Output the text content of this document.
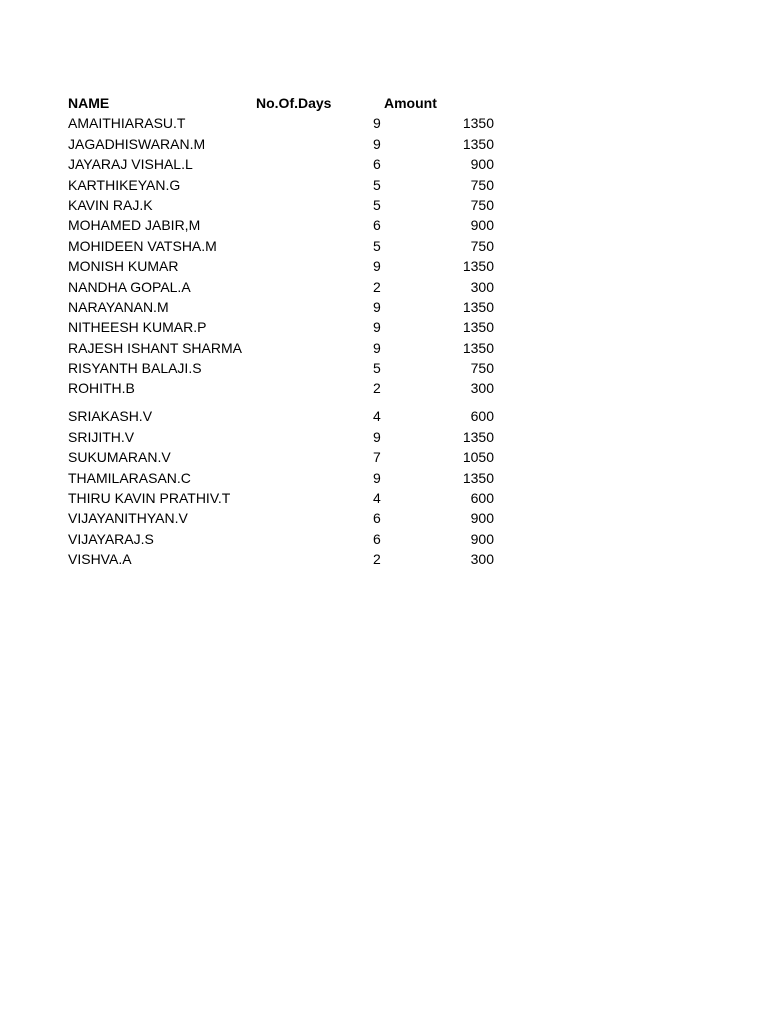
NAME	No.Of.Days	Amount
AMAITHIARASU.T	9	1350
JAGADHISWARAN.M	9	1350
JAYARAJ VISHAL.L	6	900
KARTHIKEYAN.G	5	750
KAVIN RAJ.K	5	750
MOHAMED JABIR,M	6	900
MOHIDEEN VATSHA.M	5	750
MONISH KUMAR	9	1350
NANDHA GOPAL.A	2	300
NARAYANAN.M	9	1350
NITHEESH KUMAR.P	9	1350
RAJESH ISHANT SHARMA	9	1350
RISYANTH BALAJI.S	5	750
ROHITH.B	2	300
SRIAKASH.V	4	600
SRIJITH.V	9	1350
SUKUMARAN.V	7	1050
THAMILARASAN.C	9	1350
THIRU KAVIN PRATHIV.T	4	600
VIJAYANITHYAN.V	6	900
VIJAYARAJ.S	6	900
VISHVA.A	2	300
